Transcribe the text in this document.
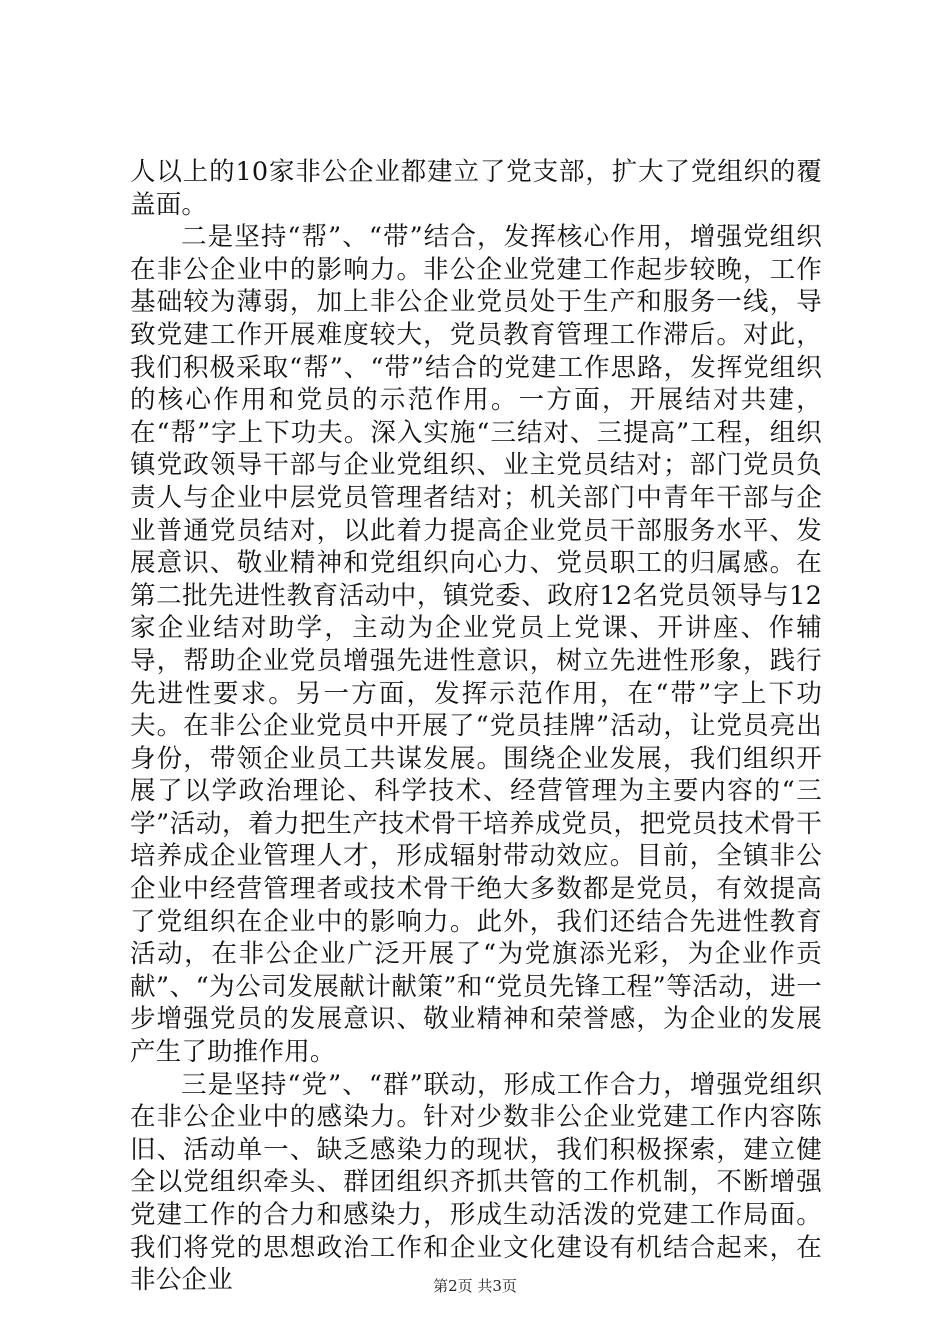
人以上的10家非公企业都建立了党支部，扩大了党组织的覆盖面。

二是坚持“帮”、“带”结合，发挥核心作用，增强党组织在非公企业中的影响力。非公企业党建工作起步较晚，工作基础较为薄弱，加上非公企业党员处于生产和服务一线，导致党建工作开展难度较大，党员教育管理工作滞后。对此，我们积极采取“帮”、“带”结合的党建工作思路，发挥党组织的核心作用和党员的示范作用。一方面，开展结对共建，在“帮”字上下功夫。深入实施“三结对、三提高”工程，组织镇党政领导干部与企业党组织、业主党员结对；部门党员负责人与企业中层党员管理者结对；机关部门中青年干部与企业普通党员结对，以此着力提高企业党员干部服务水平、发展意识、敬业精神和党组织向心力、党员职工的归属感。在第二批先进性教育活动中，镇党委、政府12名党员领导与12家企业结对助学，主动为企业党员上党课、开讲座、作辅导，帮助企业党员增强先进性意识，树立先进性形象，践行先进性要求。另一方面，发挥示范作用，在“带”字上下功夫。在非公企业党员中开展了“党员挂牌”活动，让党员亮出身份，带领企业员工共谋发展。围绕企业发展，我们组织开展了以学政治理论、科学技术、经营管理为主要内容的“三学”活动，着力把生产技术骨干培养成党员，把党员技术骨干培养成企业管理人才，形成辐射带动效应。目前，全镇非公企业中经营管理者或技术骨干绝大多数都是党员，有效提高了党组织在企业中的影响力。此外，我们还结合先进性教育活动，在非公企业广泛开展了“为党旗添光彩，为企业作贡献”、“为公司发展献计献策”和“党员先锋工程”等活动，进一步增强党员的发展意识、敬业精神和荣誉感，为企业的发展产生了助推作用。

三是坚持“党”、“群”联动，形成工作合力，增强党组织在非公企业中的感染力。针对少数非公企业党建工作内容陈旧、活动单一、缺乏感染力的现状，我们积极探索，建立健全以党组织牵头、群团组织齐抓共管的工作机制，不断增强党建工作的合力和感染力，形成生动活泼的党建工作局面。我们将党的思想政治工作和企业文化建设有机结合起来，在非公企业	第2页 共3页
